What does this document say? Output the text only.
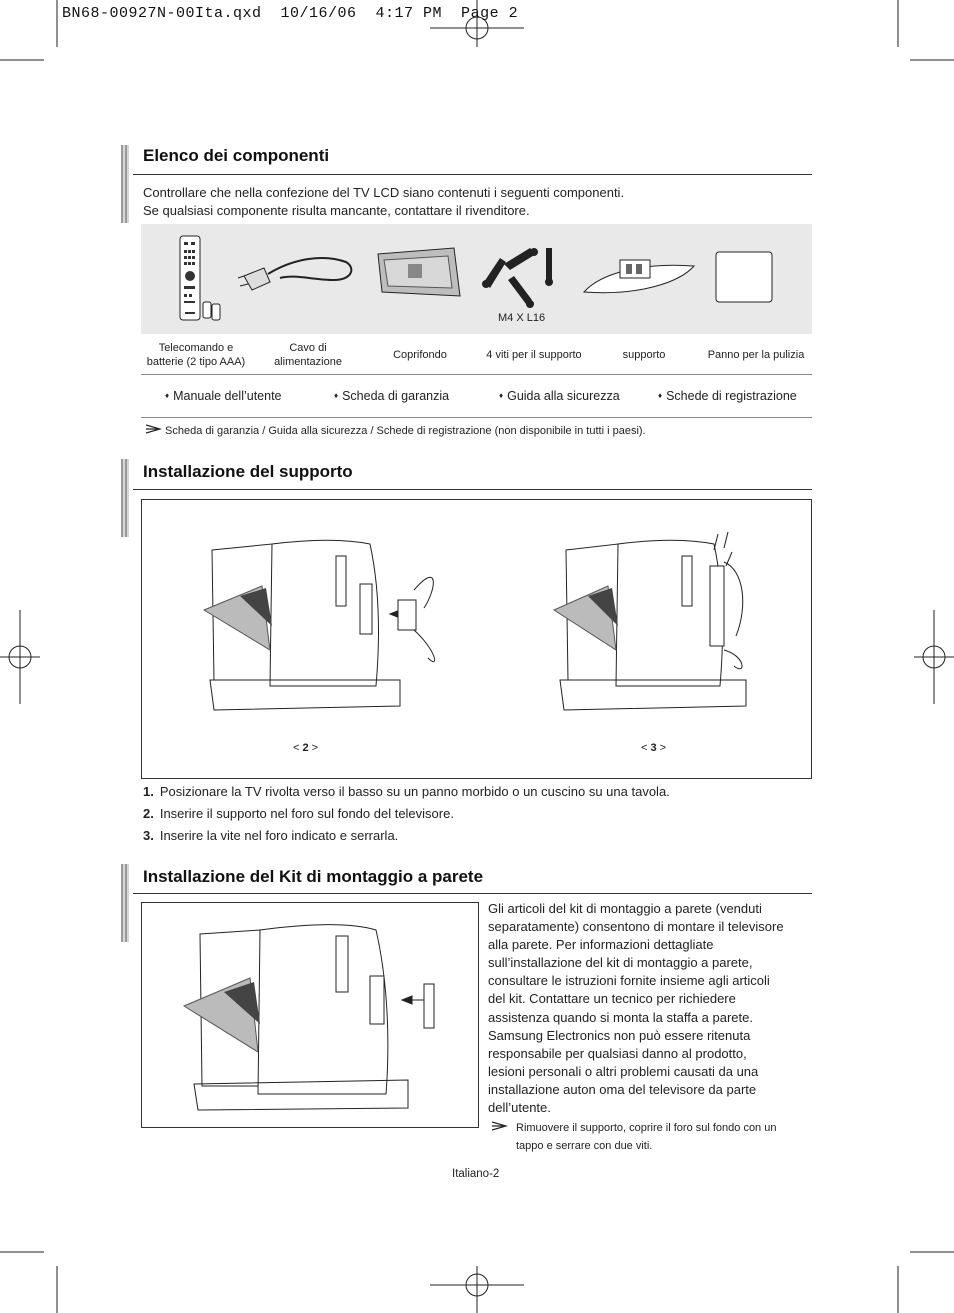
BN68-00927N-00Ita.qxd  10/16/06  4:17 PM  Page 2
Elenco dei componenti
Controllare che nella confezione del TV LCD siano contenuti i seguenti componenti.
Se qualsiasi componente risulta mancante, contattare il rivenditore.
M4 X L16
Telecomando e
batterie (2 tipo AAA)
Cavo di
alimentazione
Coprifondo	4 viti per il supporto	supporto	Panno per la pulizia
♦ Manuale dell’utente	♦ Scheda di garanzia	♦ Guida alla sicurezza	♦ Schede di registrazione
Scheda di garanzia / Guida alla sicurezza / Schede di registrazione (non disponibile in tutti i paesi).
Installazione del supporto
< 2 >	< 3 >
1. Posizionare la TV rivolta verso il basso su un panno morbido o un cuscino su una tavola.
2. Inserire il supporto nel foro sul fondo del televisore.
3. Inserire la vite nel foro indicato e serrarla.
Installazione del Kit di montaggio a parete
Gli articoli del kit di montaggio a parete (venduti
separatamente) consentono di montare il televisore
alla parete. Per informazioni dettagliate
sull’installazione del kit di montaggio a parete,
consultare le istruzioni fornite insieme agli articoli
del kit. Contattare un tecnico per richiedere
assistenza quando si monta la staffa a parete.
Samsung Electronics non può essere ritenuta
responsabile per qualsiasi danno al prodotto,
lesioni personali o altri problemi causati da una
installazione auton oma del televisore da parte
dell’utente.
Rimuovere il supporto, coprire il foro sul fondo con un
tappo e serrare con due viti.
Italiano-2
